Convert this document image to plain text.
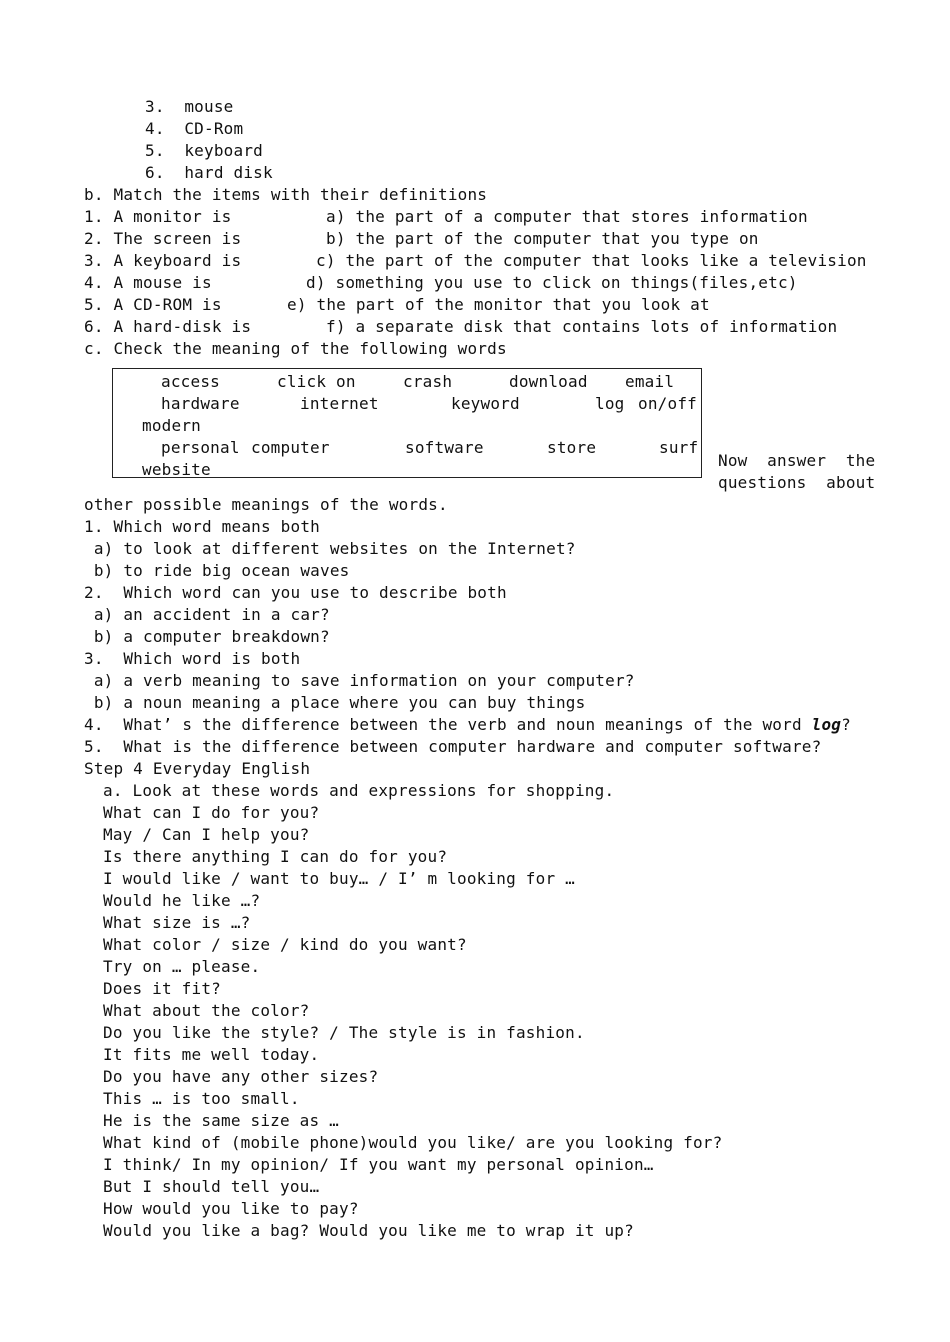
3.  mouse
4.  CD-Rom
5.  keyboard
6.  hard disk
b. Match the items with their definitions
1. A monitor is	a) the part of a computer that stores information
2. The screen is	b) the part of the computer that you type on
3. A keyboard is	c) the part of the computer that looks like a television
4. A mouse is	d) something you use to click on things(files,etc)
5. A CD-ROM is	e) the part of the monitor that you look at
6. A hard-disk is	f) a separate disk that contains lots of information
c. Check the meaning of the following words
access	click on	crash	download email
hardware	internet	keyword	log on/off
modern
personal computer	software	store	surf
website	Now  answer  the
questions  about
other possible meanings of the words.
1. Which word means both
a) to look at different websites on the Internet?
b) to ride big ocean waves
2.  Which word can you use to describe both
a) an accident in a car?
b) a computer breakdown?
3.  Which word is both
a) a verb meaning to save information on your computer?
b) a noun meaning a place where you can buy things
4.  What’ s the difference between the verb and noun meanings of the word log?
5.  What is the difference between computer hardware and computer software?
Step 4 Everyday English
a. Look at these words and expressions for shopping.
What can I do for you?
May / Can I help you?
Is there anything I can do for you?
I would like / want to buy… / I’ m looking for …
Would he like …?
What size is …?
What color / size / kind do you want?
Try on … please.
Does it fit?
What about the color?
Do you like the style? / The style is in fashion.
It fits me well today.
Do you have any other sizes?
This … is too small.
He is the same size as …
What kind of (mobile phone)would you like/ are you looking for?
I think/ In my opinion/ If you want my personal opinion…
But I should tell you…
How would you like to pay?
Would you like a bag? Would you like me to wrap it up?
